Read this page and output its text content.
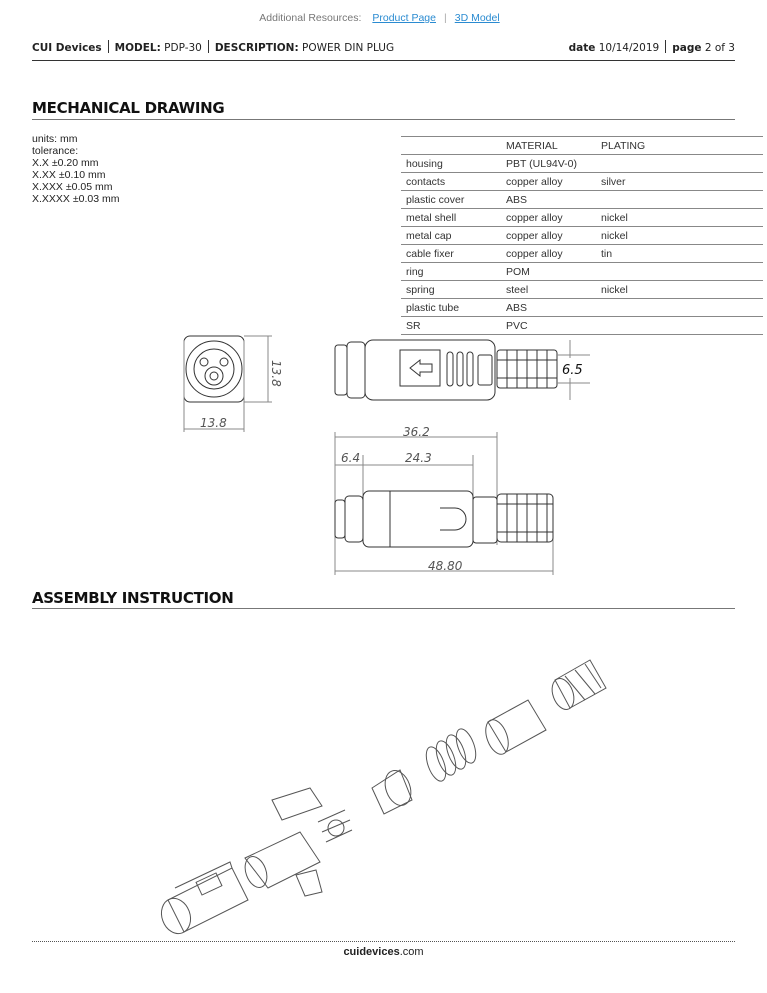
Additional Resources: Product Page | 3D Model
CUI Devices MODEL: PDP-30 DESCRIPTION: POWER DIN PLUG	date 10/14/2019 page 2 of 3
MECHANICAL DRAWING
units: mm
tolerance:
X.X ±0.20 mm
X.XX ±0.10 mm
X.XXX ±0.05 mm
X.XXXX ±0.03 mm
	MATERIAL	PLATING
housing	PBT (UL94V-0)	
contacts	copper alloy	silver
plastic cover	ABS	
metal shell	copper alloy	nickel
metal cap	copper alloy	nickel
cable fixer	copper alloy	tin
ring	POM	
spring	steel	nickel
plastic tube	ABS	
SR	PVC	
13.8
13.8	6.5
36.2
6.4	24.3
48.80
ASSEMBLY INSTRUCTION
cuidevices.com
